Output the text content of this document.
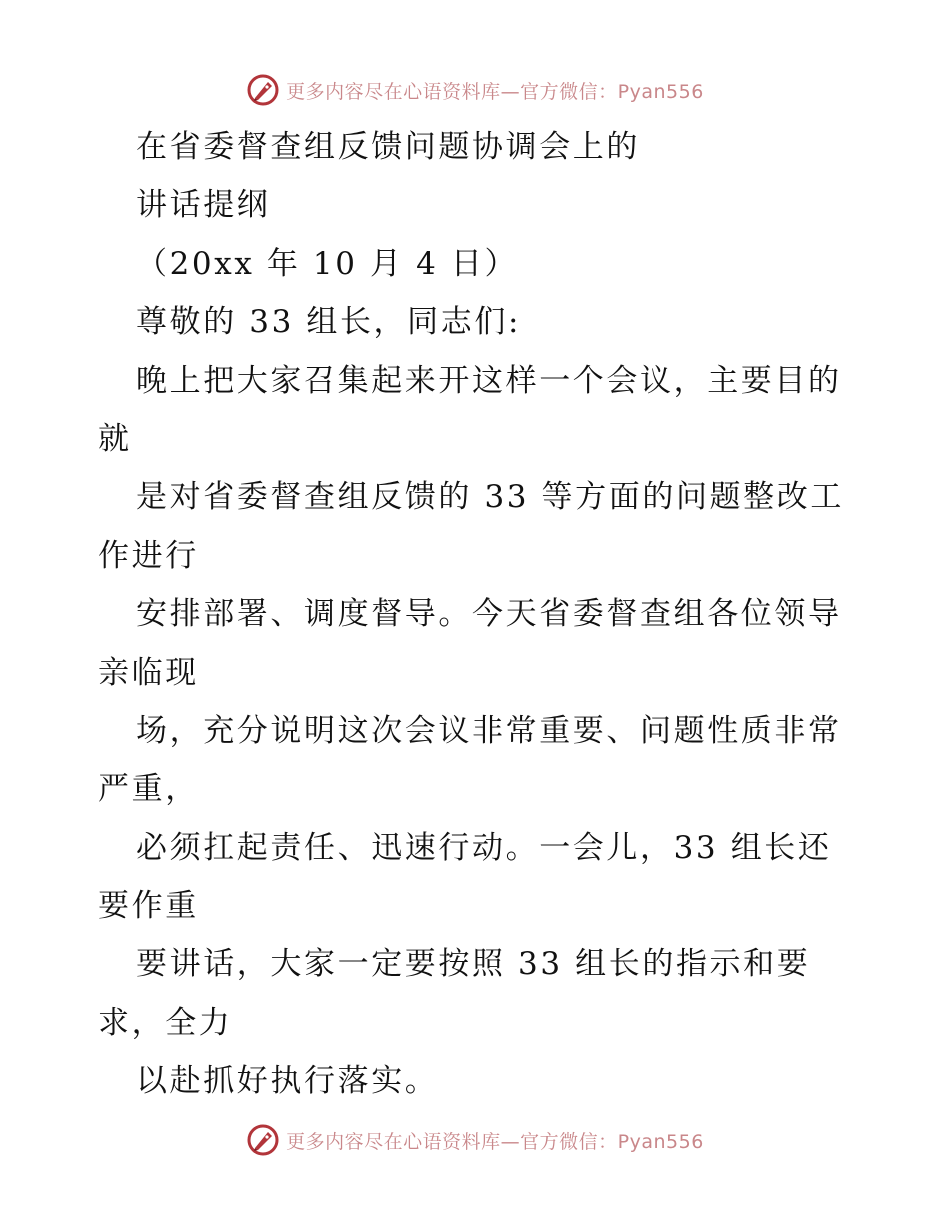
更多内容尽在心语资料库—官方微信：Pyan556
在省委督查组反馈问题协调会上的
讲话提纲
（20xx 年 10 月 4 日）
尊敬的 33 组长，同志们:
晚上把大家召集起来开这样一个会议，主要目的
就
是对省委督查组反馈的 33 等方面的问题整改工
作进行
安排部署、调度督导。今天省委督查组各位领导
亲临现
场，充分说明这次会议非常重要、问题性质非常
严重，
必须扛起责任、迅速行动。一会儿，33 组长还
要作重
要讲话，大家一定要按照 33 组长的指示和要
求，全力
以赴抓好执行落实。
更多内容尽在心语资料库—官方微信：Pyan556
